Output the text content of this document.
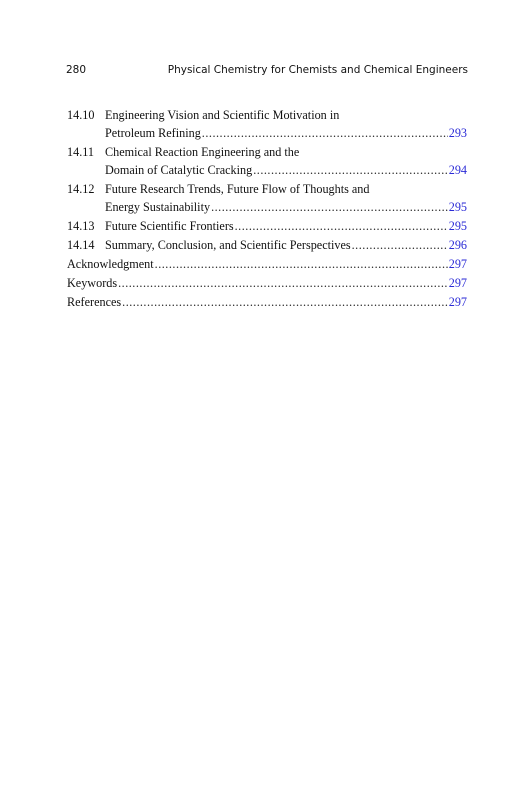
280	Physical Chemistry for Chemists and Chemical Engineers
14.10 Engineering Vision and Scientific Motivation in
Petroleum Refining .....	293
14.11 Chemical Reaction Engineering and the
Domain of Catalytic Cracking .....	294
14.12 Future Research Trends, Future Flow of Thoughts and
Energy Sustainability .....	295
14.13 Future Scientific Frontiers .....	295
14.14 Summary, Conclusion, and Scientific Perspectives .....	296
Acknowledgment .....	297
Keywords .....	297
References .....	297
